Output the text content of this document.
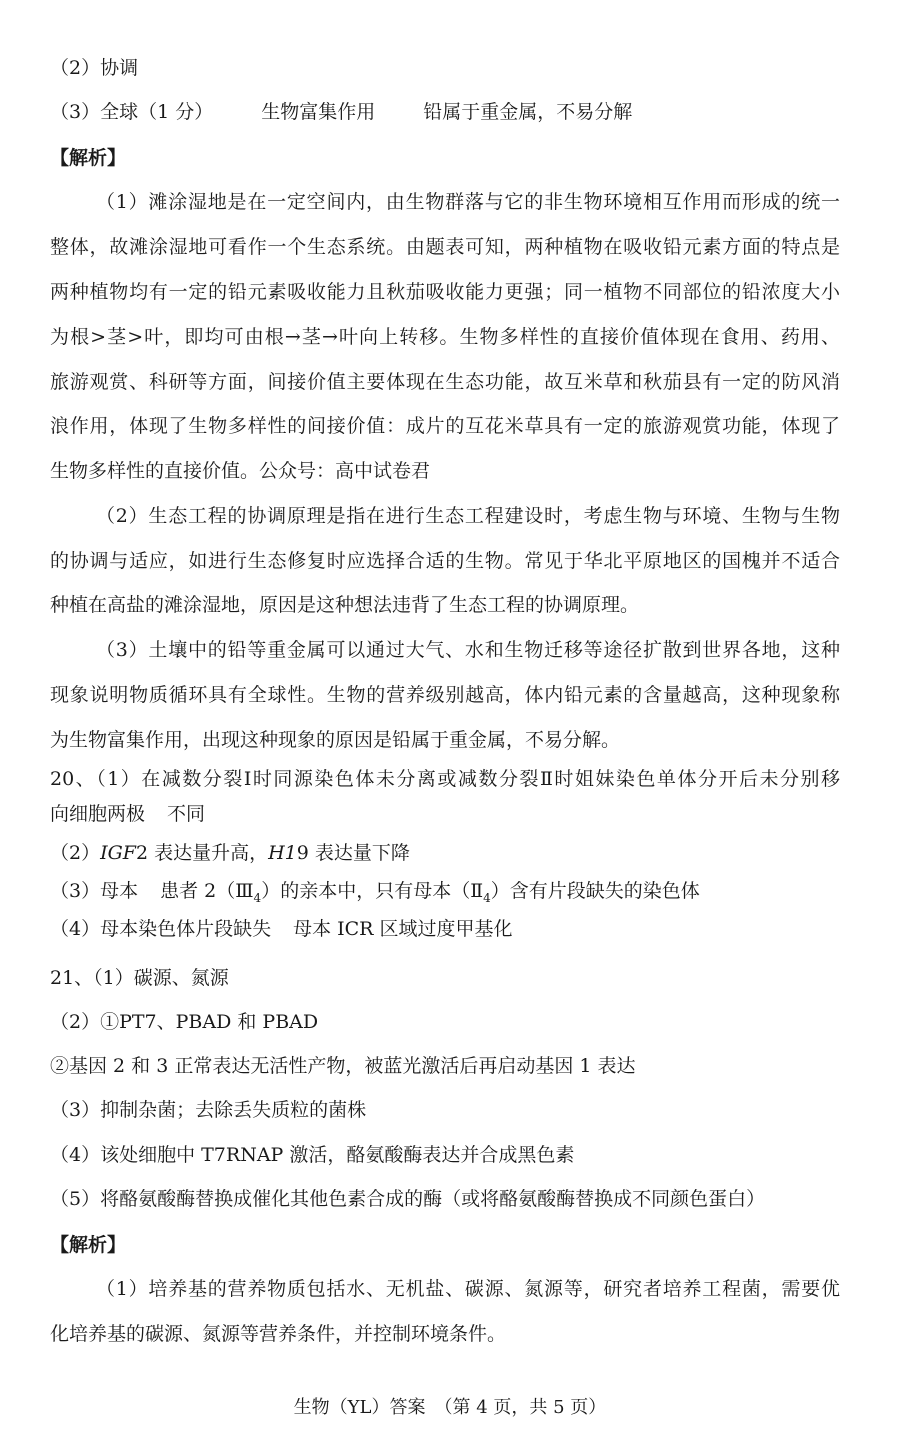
（2）协调
（3）全球（1 分）	生物富集作用	铅属于重金属，不易分解
【解析】
（1）滩涂湿地是在一定空间内，由生物群落与它的非生物环境相互作用而形成的统一
整体，故滩涂湿地可看作一个生态系统。由题表可知，两种植物在吸收铅元素方面的特点是
两种植物均有一定的铅元素吸收能力且秋茄吸收能力更强；同一植物不同部位的铅浓度大小
为根>茎>叶，即均可由根→茎→叶向上转移。生物多样性的直接价值体现在食用、药用、
旅游观赏、科研等方面，间接价值主要体现在生态功能，故互米草和秋茄县有一定的防风消
浪作用，体现了生物多样性的间接价值：成片的互花米草具有一定的旅游观赏功能，体现了
生物多样性的直接价值。公众号：高中试卷君
（2）生态工程的协调原理是指在进行生态工程建设时，考虑生物与环境、生物与生物
的协调与适应，如进行生态修复时应选择合适的生物。常见于华北平原地区的国槐并不适合
种植在高盐的滩涂湿地，原因是这种想法违背了生态工程的协调原理。
（3）土壤中的铅等重金属可以通过大气、水和生物迁移等途径扩散到世界各地，这种
现象说明物质循环具有全球性。生物的营养级别越高，体内铅元素的含量越高，这种现象称
为生物富集作用，出现这种现象的原因是铅属于重金属，不易分解。
20、（1）在减数分裂Ⅰ时同源染色体未分离或减数分裂Ⅱ时姐妹染色单体分开后未分别移
向细胞两极 不同
（2）IGF2 表达量升高，H19 表达量下降
（3）母本 患者 $2(Ⅲ_4)$的亲本中，只有母本$(Ⅱ_4)$含有片段缺失的染色体
（4）母本染色体片段缺失 母本 ICR 区域过度甲基化
21、（1）碳源、氮源
（2）①PT7、PBAD 和 PBAD
②基因 2 和 3 正常表达无活性产物，被蓝光激活后再启动基因 1 表达
（3）抑制杂菌；去除丢失质粒的菌株
（4）该处细胞中 T7RNAP 激活，酪氨酸酶表达并合成黑色素
（5）将酪氨酸酶替换成催化其他色素合成的酶（或将酪氨酸酶替换成不同颜色蛋白）
【解析】
（1）培养基的营养物质包括水、无机盐、碳源、氮源等，研究者培养工程菌，需要优
化培养基的碳源、氮源等营养条件，并控制环境条件。
生物（YL）答案　（第 4 页，共 5 页）
